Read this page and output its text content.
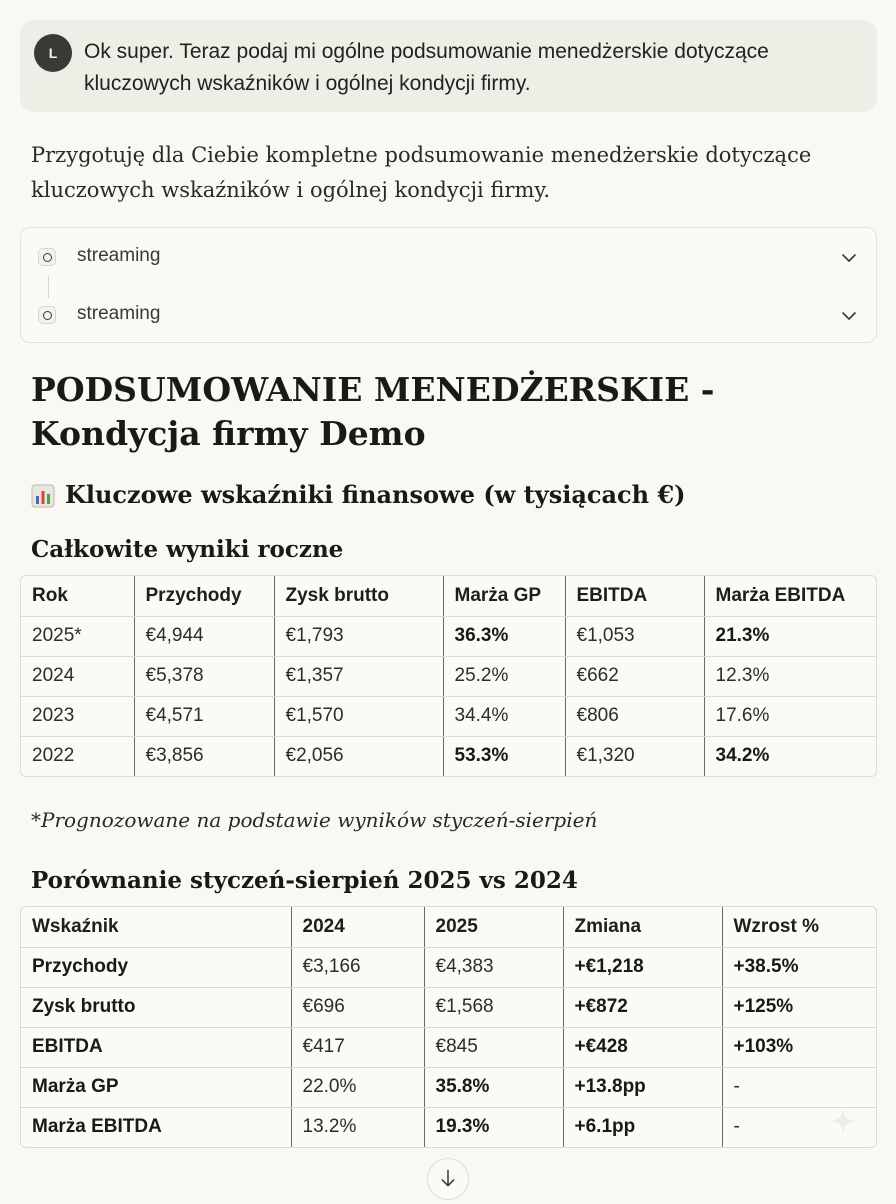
L	Ok super. Teraz podaj mi ogólne podsumowanie menedżerskie dotyczące kluczowych wskaźników i ogólnej kondycji firmy.
Przygotuję dla Ciebie kompletne podsumowanie menedżerskie dotyczące kluczowych wskaźników i ogólnej kondycji firmy.
streaming
streaming
PODSUMOWANIE MENEDŻERSKIE - Kondycja firmy Demo
Kluczowe wskaźniki finansowe (w tysiącach €)
Całkowite wyniki roczne
Rok	Przychody	Zysk brutto	Marża GP	EBITDA	Marża EBITDA
2025*	€4,944	€1,793	36.3%	€1,053	21.3%
2024	€5,378	€1,357	25.2%	€662	12.3%
2023	€4,571	€1,570	34.4%	€806	17.6%
2022	€3,856	€2,056	53.3%	€1,320	34.2%
*Prognozowane na podstawie wyników styczeń-sierpień
Porównanie styczeń-sierpień 2025 vs 2024
Wskaźnik	2024	2025	Zmiana	Wzrost %
Przychody	€3,166	€4,383	+€1,218	+38.5%
Zysk brutto	€696	€1,568	+€872	+125%
EBITDA	€417	€845	+€428	+103%
Marża GP	22.0%	35.8%	+13.8pp	-
Marża EBITDA	13.2%	19.3%	+6.1pp	-
